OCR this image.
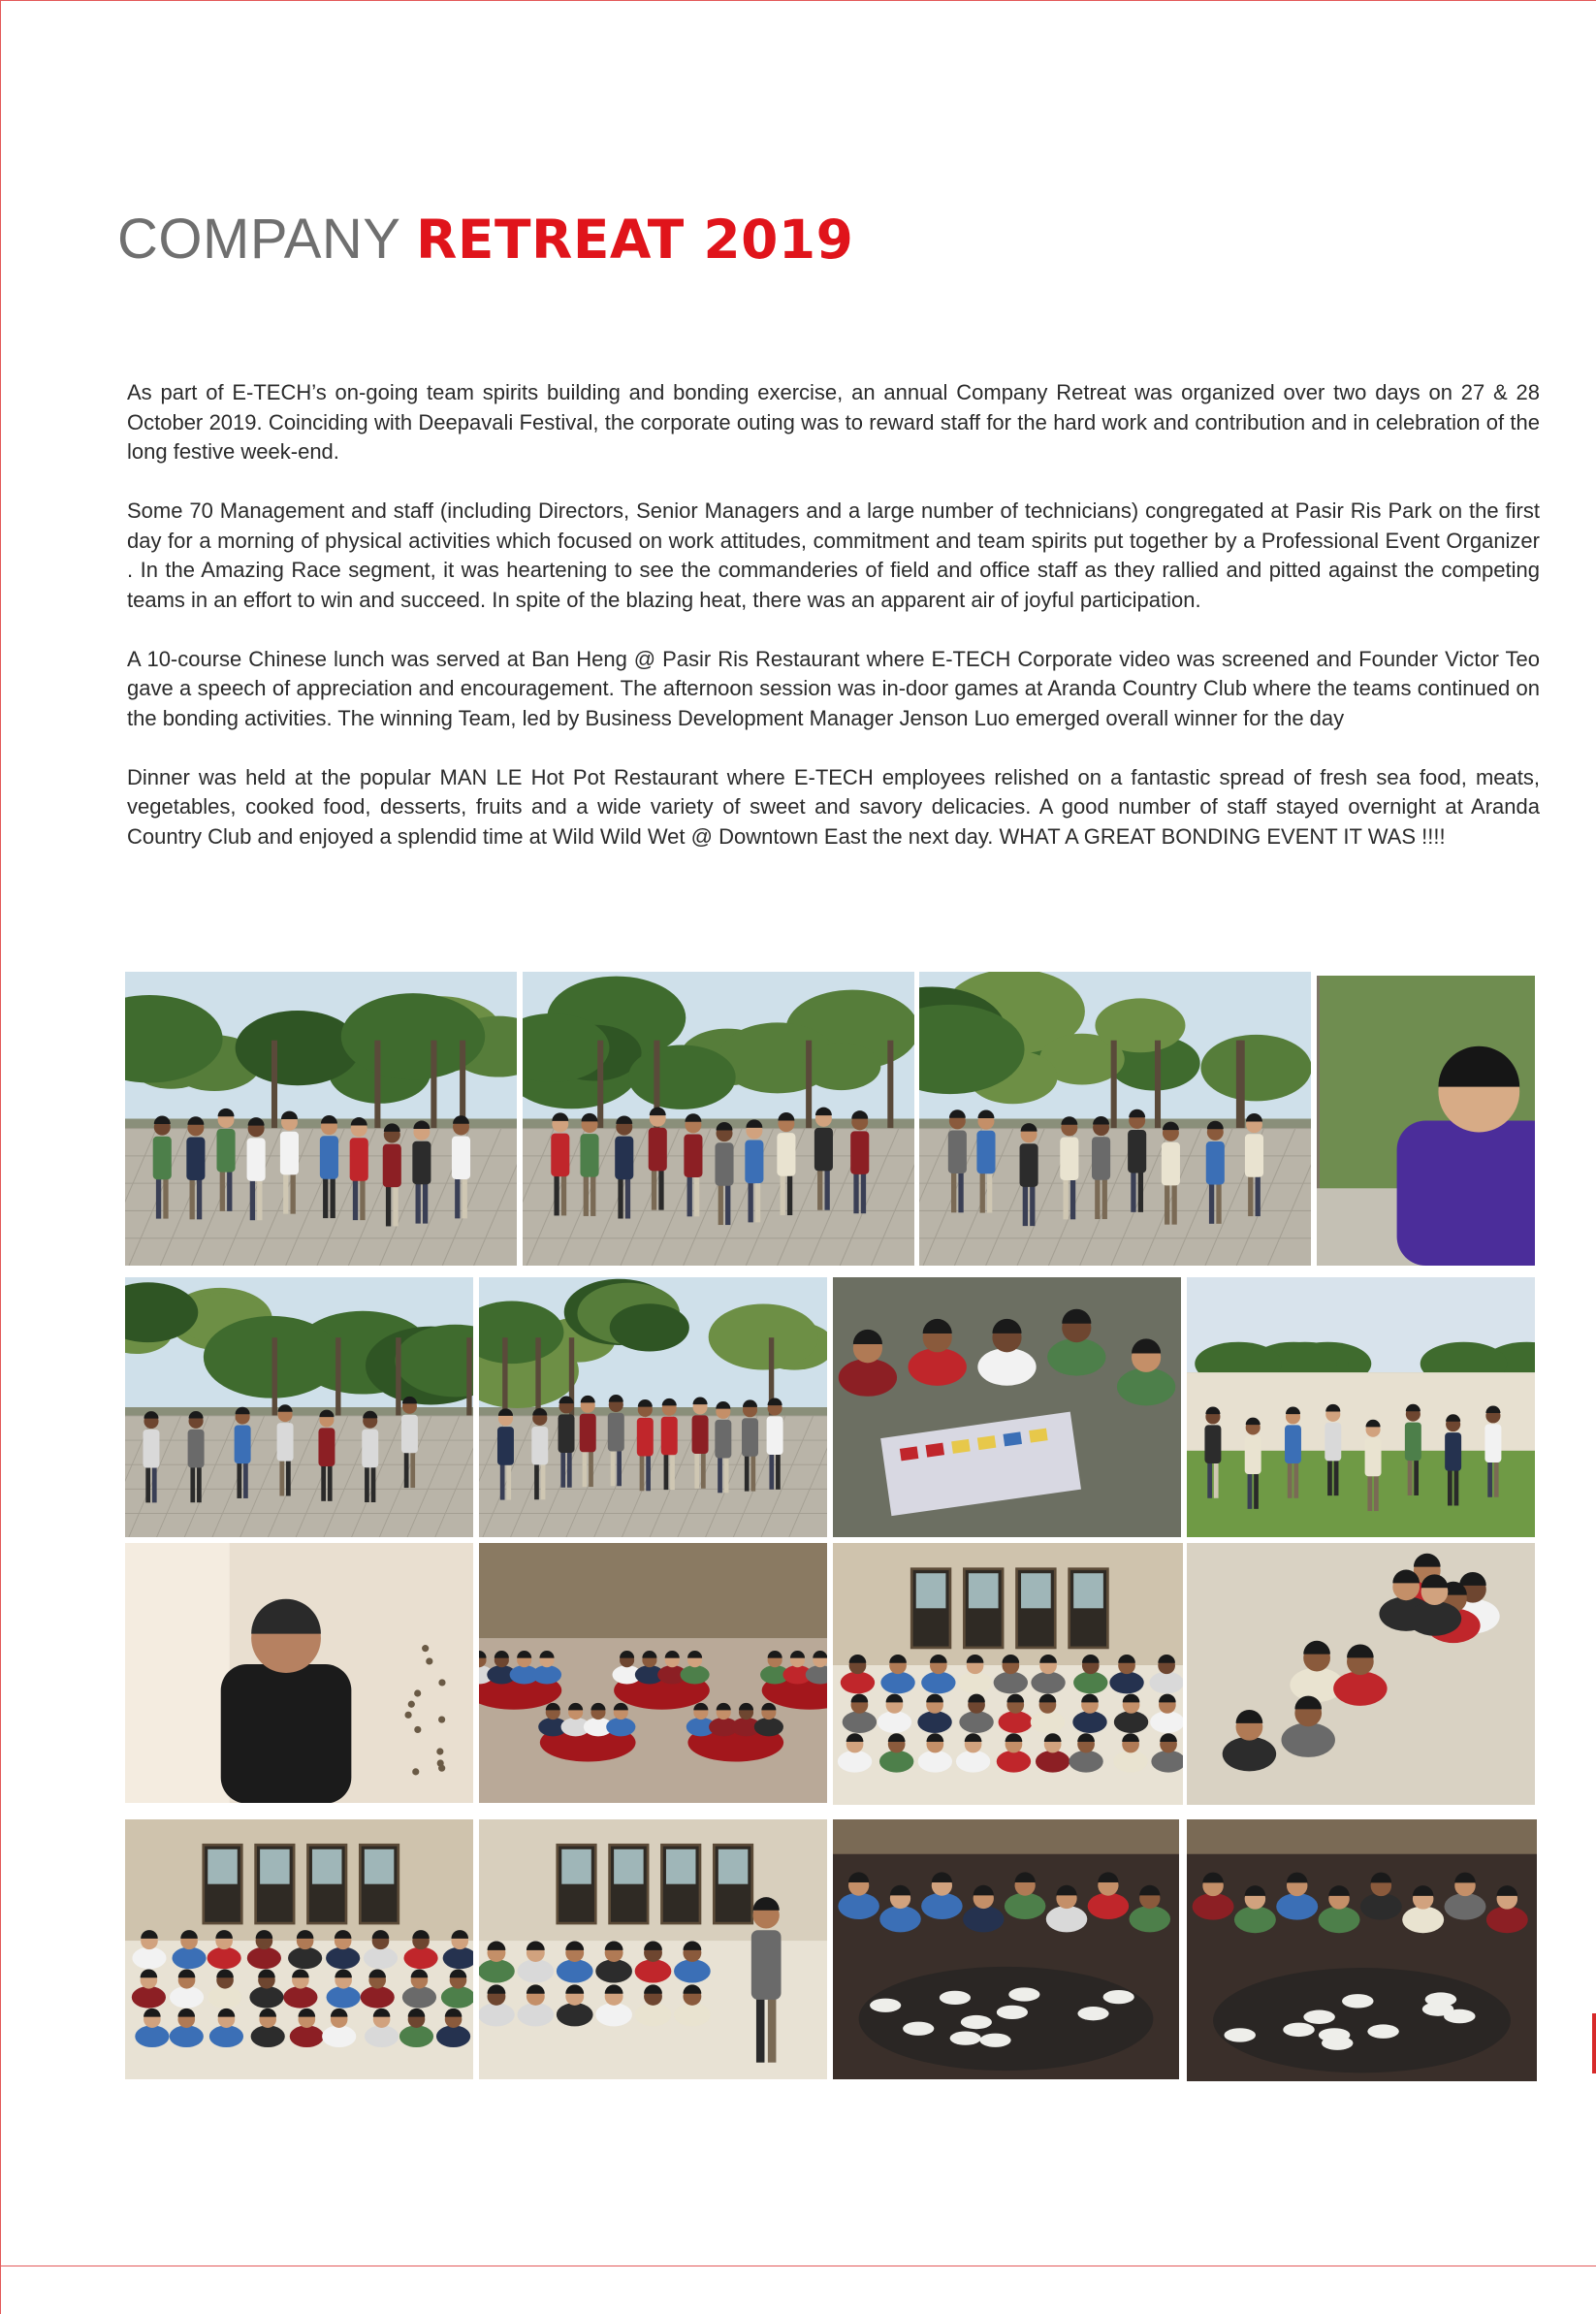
COMPANY RETREAT 2019

As part of E-TECH’s on-going team spirits building and bonding exercise, an annual Company Retreat was organized over two days on 27 & 28 October 2019. Coinciding with Deepavali Festival, the corporate outing was to reward staff for the hard work and contribution and in celebration of the long festive week-end.

Some 70 Management and staff (including Directors, Senior Managers and a large number of technicians) congregated at Pasir Ris Park on the first day for a morning of physical activities which focused on work attitudes, commitment and team spirits put together by a Professional Event Organizer . In the Amazing Race segment, it was heartening to see the commanderies of field and office staff as they rallied and pitted against the competing teams in an effort to win and succeed. In spite of the blazing heat, there was an apparent air of joyful participation.

A 10-course Chinese lunch was served at Ban Heng @ Pasir Ris Restaurant where E-TECH Corporate video was screened and Founder Victor Teo gave a speech of appreciation and encouragement. The afternoon session was in-door games at Aranda Country Club where the teams continued on the bonding activities. The winning Team, led by Business Development Manager Jenson Luo emerged overall winner for the day

Dinner was held at the popular MAN LE Hot Pot Restaurant where E-TECH employees relished on a fantastic spread of fresh sea food, meats, vegetables, cooked food, desserts, fruits and a wide variety of sweet and savory delicacies. A good number of staff stayed overnight at Aranda Country Club and enjoyed a splendid time at Wild Wild Wet @ Downtown East the next day. WHAT A GREAT BONDING EVENT IT WAS !!!!
